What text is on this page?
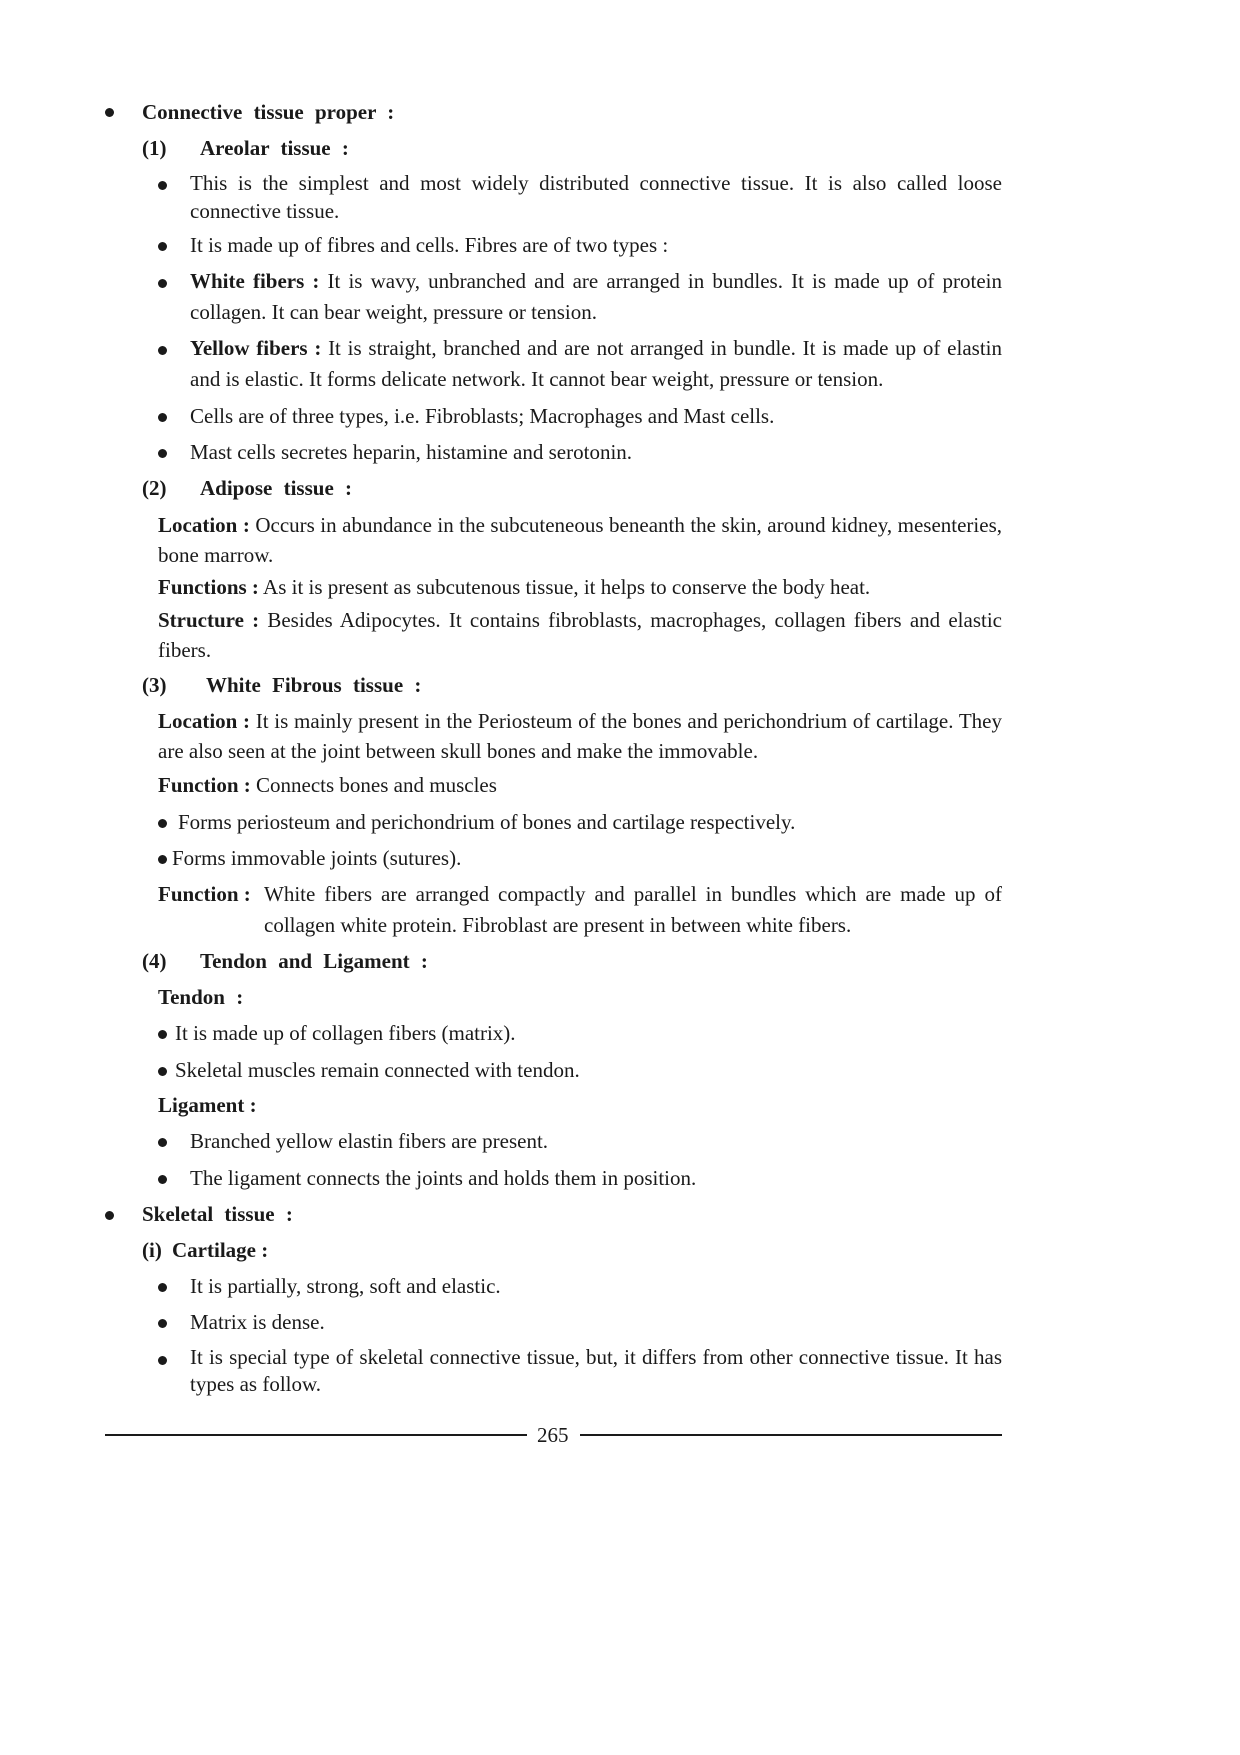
Connective tissue proper :
(1) Areolar tissue :
This is the simplest and most widely distributed connective tissue. It is also called loose connective tissue.
It is made up of fibres and cells. Fibres are of two types :
White fibers : It is wavy, unbranched and are arranged in bundles. It is made up of protein collagen. It can bear weight, pressure or tension.
Yellow fibers : It is straight, branched and are not arranged in bundle. It is made up of elastin and is elastic. It forms delicate network. It cannot bear weight, pressure or tension.
Cells are of three types, i.e. Fibroblasts; Macrophages and Mast cells.
Mast cells secretes heparin, histamine and serotonin.
(2) Adipose tissue :
Location : Occurs in abundance in the subcuteneous beneanth the skin, around kidney, mesenteries, bone marrow.
Functions : As it is present as subcutenous tissue, it helps to conserve the body heat.
Structure : Besides Adipocytes. It contains fibroblasts, macrophages, collagen fibers and elastic fibers.
(3) White Fibrous tissue :
Location : It is mainly present in the Periosteum of the bones and perichondrium of cartilage. They are also seen at the joint between skull bones and make the immovable.
Function : Connects bones and muscles
Forms periosteum and perichondrium of bones and cartilage respectively.
Forms immovable joints (sutures).
Function : White fibers are arranged compactly and parallel in bundles which are made up of collagen white protein. Fibroblast are present in between white fibers.
(4) Tendon and Ligament :
Tendon :
It is made up of collagen fibers (matrix).
Skeletal muscles remain connected with tendon.
Ligament :
Branched yellow elastin fibers are present.
The ligament connects the joints and holds them in position.
Skeletal tissue :
(i) Cartilage :
It is partially, strong, soft and elastic.
Matrix is dense.
It is special type of skeletal connective tissue, but, it differs from other connective tissue. It has types as follow.
265
